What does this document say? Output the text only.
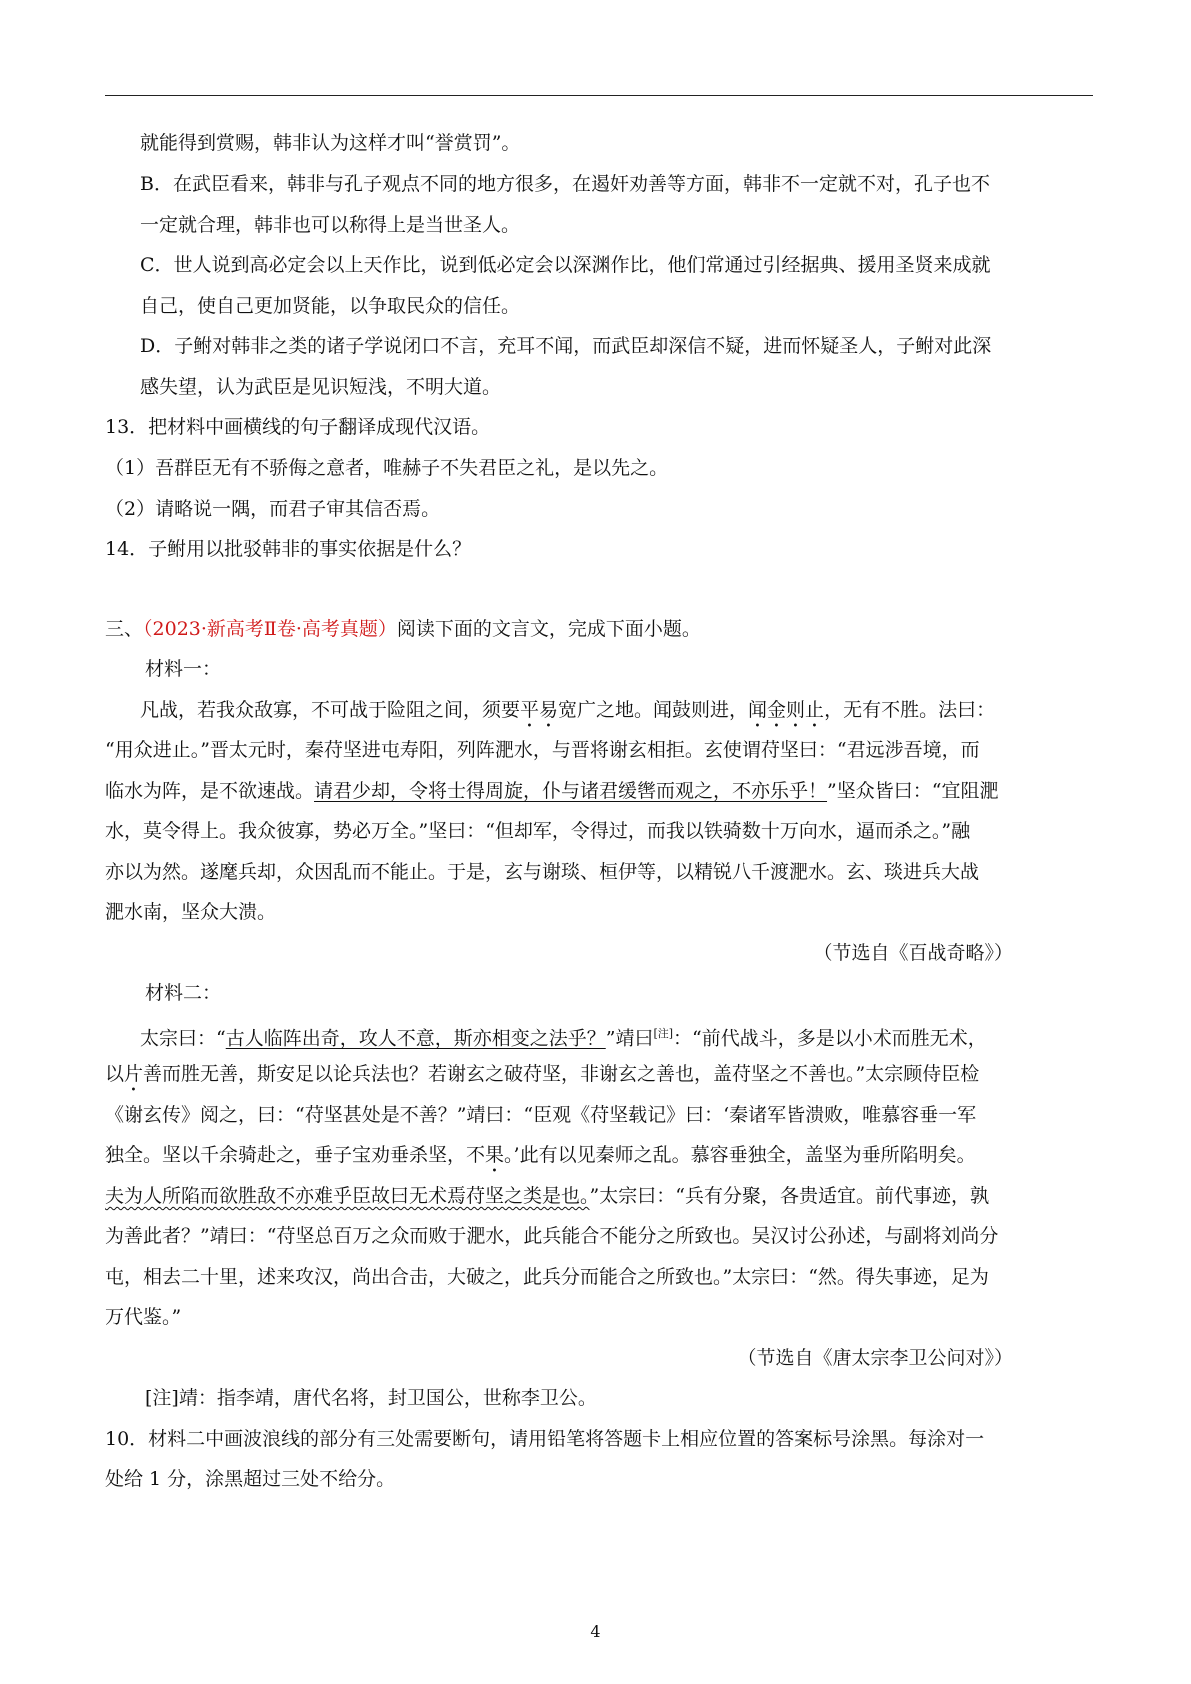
就能得到赏赐，韩非认为这样才叫“誉赏罚”。

B．在武臣看来，韩非与孔子观点不同的地方很多，在遏奸劝善等方面，韩非不一定就不对，孔子也不

一定就合理，韩非也可以称得上是当世圣人。

C．世人说到高必定会以上天作比，说到低必定会以深渊作比，他们常通过引经据典、援用圣贤来成就

自己，使自己更加贤能，以争取民众的信任。

D．子鲋对韩非之类的诸子学说闭口不言，充耳不闻，而武臣却深信不疑，进而怀疑圣人，子鲋对此深

感失望，认为武臣是见识短浅，不明大道。

13．把材料中画横线的句子翻译成现代汉语。

（1）吾群臣无有不骄侮之意者，唯赫子不失君臣之礼，是以先之。

（2）请略说一隅，而君子审其信否焉。

14．子鲋用以批驳韩非的事实依据是什么？

三、（2023·新高考Ⅱ卷·高考真题）阅读下面的文言文，完成下面小题。

材料一：

凡战，若我众敌寡，不可战于险阻之间，须要平易宽广之地。闻鼓则进，闻金则止，无有不胜。法曰：

“用众进止。”晋太元时，秦苻坚进屯寿阳，列阵淝水，与晋将谢玄相拒。玄使谓苻坚曰：“君远涉吾境，而

临水为阵，是不欲速战。请君少却，令将士得周旋，仆与诸君缓辔而观之，不亦乐乎！”坚众皆曰：“宜阻淝

水，莫令得上。我众彼寡，势必万全。”坚曰：“但却军，令得过，而我以铁骑数十万向水，逼而杀之。”融

亦以为然。遂麾兵却，众因乱而不能止。于是，玄与谢琰、桓伊等，以精锐八千渡淝水。玄、琰进兵大战

淝水南，坚众大溃。

（节选自《百战奇略》）

材料二：

太宗曰：“古人临阵出奇，攻人不意，斯亦相变之法乎？”靖曰[注]：“前代战斗，多是以小术而胜无术，

以片善而胜无善，斯安足以论兵法也？若谢玄之破苻坚，非谢玄之善也，盖苻坚之不善也。”太宗顾侍臣检

《谢玄传》阅之，曰：“苻坚甚处是不善？”靖曰：“臣观《苻坚载记》曰：‘秦诸军皆溃败，唯慕容垂一军

独全。坚以千余骑赴之，垂子宝劝垂杀坚，不果。’此有以见秦师之乱。慕容垂独全，盖坚为垂所陷明矣。

夫为人所陷而欲胜敌不亦难乎臣故曰无术焉苻坚之类是也。”太宗曰：“兵有分聚，各贵适宜。前代事迹，孰

为善此者？”靖曰：“苻坚总百万之众而败于淝水，此兵能合不能分之所致也。吴汉讨公孙述，与副将刘尚分

屯，相去二十里，述来攻汉，尚出合击，大破之，此兵分而能合之所致也。”太宗曰：“然。得失事迹，足为

万代鉴。”

（节选自《唐太宗李卫公问对》）

[注]靖：指李靖，唐代名将，封卫国公，世称李卫公。

10．材料二中画波浪线的部分有三处需要断句，请用铅笔将答题卡上相应位置的答案标号涂黑。每涂对一

处给 1 分，涂黑超过三处不给分。

4
